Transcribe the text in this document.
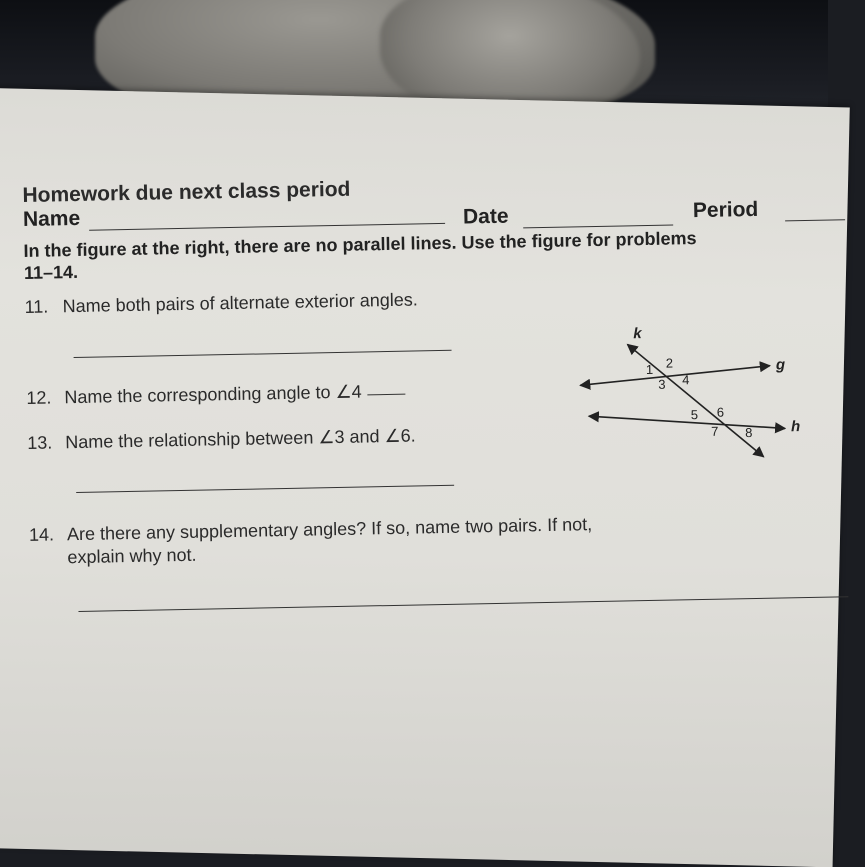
Homework due next class period
Name	Date	Period
In the figure at the right, there are no parallel lines. Use the figure for problems 11–14.
11. Name both pairs of alternate exterior angles.
12. Name the corresponding angle to ∠4
13. Name the relationship between ∠3 and ∠6.
14. Are there any supplementary angles? If so, name two pairs. If not,
explain why not.
k
g
h
1 2
3 4
5 6
7 8
